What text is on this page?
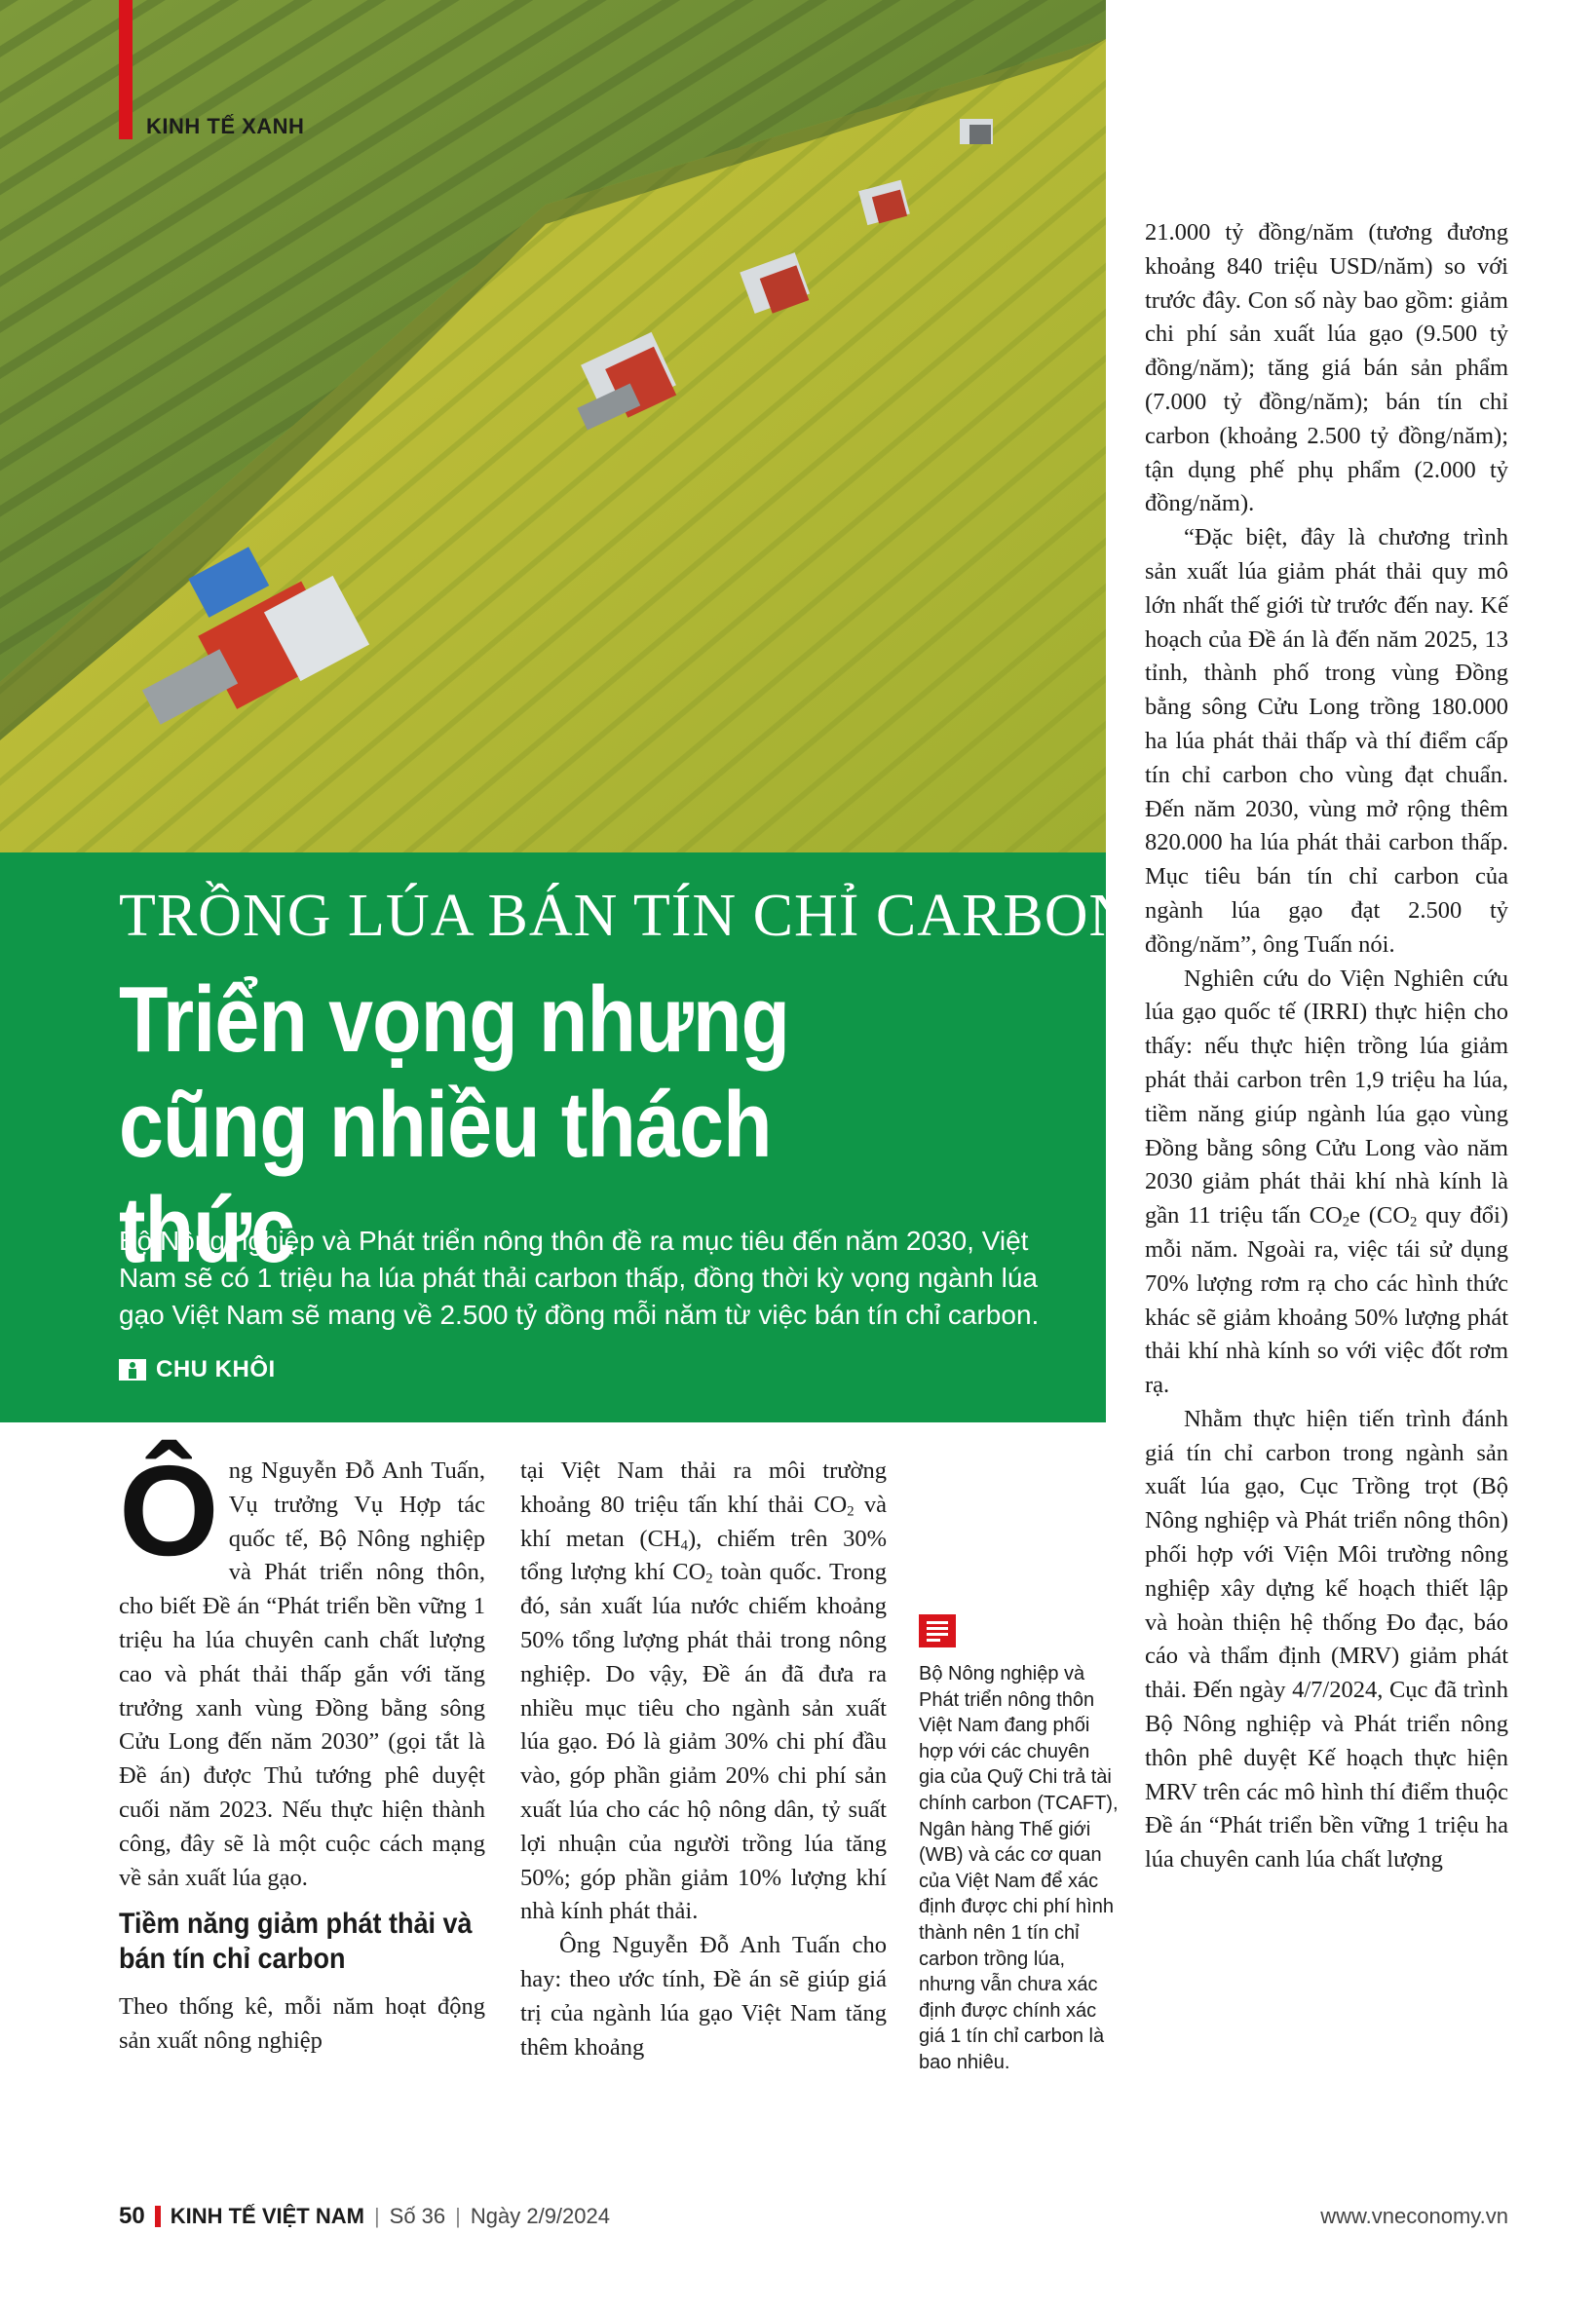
KINH TẾ XANH
TRỒNG LÚA BÁN TÍN CHỈ CARBON
Triển vọng nhưng cũng nhiều thách thức
Bộ Nông nghiệp và Phát triển nông thôn đề ra mục tiêu đến năm 2030, Việt Nam sẽ có 1 triệu ha lúa phát thải carbon thấp, đồng thời kỳ vọng ngành lúa gạo Việt Nam sẽ mang về 2.500 tỷ đồng mỗi năm từ việc bán tín chỉ carbon.
CHU KHÔI

Ông Nguyễn Đỗ Anh Tuấn, Vụ trưởng Vụ Hợp tác quốc tế, Bộ Nông nghiệp và Phát triển nông thôn, cho biết Đề án “Phát triển bền vững 1 triệu ha lúa chuyên canh chất lượng cao và phát thải thấp gắn với tăng trưởng xanh vùng Đồng bằng sông Cửu Long đến năm 2030” (gọi tắt là Đề án) được Thủ tướng phê duyệt cuối năm 2023. Nếu thực hiện thành công, đây sẽ là một cuộc cách mạng về sản xuất lúa gạo.

Tiềm năng giảm phát thải và bán tín chỉ carbon

Theo thống kê, mỗi năm hoạt động sản xuất nông nghiệp

tại Việt Nam thải ra môi trường khoảng 80 triệu tấn khí thải $CO_2$ và khí metan $(CH_4)$, chiếm trên 30% tổng lượng khí $CO_2$ toàn quốc. Trong đó, sản xuất lúa nước chiếm khoảng 50% tổng lượng phát thải trong nông nghiệp. Do vậy, Đề án đã đưa ra nhiều mục tiêu cho ngành sản xuất lúa gạo. Đó là giảm 30% chi phí đầu vào, góp phần giảm 20% chi phí sản xuất lúa cho các hộ nông dân, tỷ suất lợi nhuận của người trồng lúa tăng 50%; góp phần giảm 10% lượng khí nhà kính phát thải.

Ông Nguyễn Đỗ Anh Tuấn cho hay: theo ước tính, Đề án sẽ giúp giá trị của ngành lúa gạo Việt Nam tăng thêm khoảng

Bộ Nông nghiệp và Phát triển nông thôn Việt Nam đang phối hợp với các chuyên gia của Quỹ Chi trả tài chính carbon (TCAFT), Ngân hàng Thế giới (WB) và các cơ quan của Việt Nam để xác định được chi phí hình thành nên 1 tín chỉ carbon trồng lúa, nhưng vẫn chưa xác định được chính xác giá 1 tín chỉ carbon là bao nhiêu.

21.000 tỷ đồng/năm (tương đương khoảng 840 triệu USD/năm) so với trước đây. Con số này bao gồm: giảm chi phí sản xuất lúa gạo (9.500 tỷ đồng/năm); tăng giá bán sản phẩm (7.000 tỷ đồng/năm); bán tín chỉ carbon (khoảng 2.500 tỷ đồng/năm); tận dụng phế phụ phẩm (2.000 tỷ đồng/năm).

“Đặc biệt, đây là chương trình sản xuất lúa giảm phát thải quy mô lớn nhất thế giới từ trước đến nay. Kế hoạch của Đề án là đến năm 2025, 13 tỉnh, thành phố trong vùng Đồng bằng sông Cửu Long trồng 180.000 ha lúa phát thải thấp và thí điểm cấp tín chỉ carbon cho vùng đạt chuẩn. Đến năm 2030, vùng mở rộng thêm 820.000 ha lúa phát thải carbon thấp. Mục tiêu bán tín chỉ carbon của ngành lúa gạo đạt 2.500 tỷ đồng/năm”, ông Tuấn nói.

Nghiên cứu do Viện Nghiên cứu lúa gạo quốc tế (IRRI) thực hiện cho thấy: nếu thực hiện trồng lúa giảm phát thải carbon trên 1,9 triệu ha lúa, tiềm năng giúp ngành lúa gạo vùng Đồng bằng sông Cửu Long vào năm 2030 giảm phát thải khí nhà kính là gần 11 triệu tấn $CO_2e$ ($CO_2$ quy đổi) mỗi năm. Ngoài ra, việc tái sử dụng 70% lượng rơm rạ cho các hình thức khác sẽ giảm khoảng 50% lượng phát thải khí nhà kính so với việc đốt rơm rạ.

Nhằm thực hiện tiến trình đánh giá tín chỉ carbon trong ngành sản xuất lúa gạo, Cục Trồng trọt (Bộ Nông nghiệp và Phát triển nông thôn) phối hợp với Viện Môi trường nông nghiệp xây dựng kế hoạch thiết lập và hoàn thiện hệ thống Đo đạc, báo cáo và thẩm định (MRV) giảm phát thải. Đến ngày 4/7/2024, Cục đã trình Bộ Nông nghiệp và Phát triển nông thôn phê duyệt Kế hoạch thực hiện MRV trên các mô hình thí điểm thuộc Đề án “Phát triển bền vững 1 triệu ha lúa chuyên canh lúa chất lượng

50 KINH TẾ VIỆT NAM | Số 36 | Ngày 2/9/2024	www.vneconomy.vn
